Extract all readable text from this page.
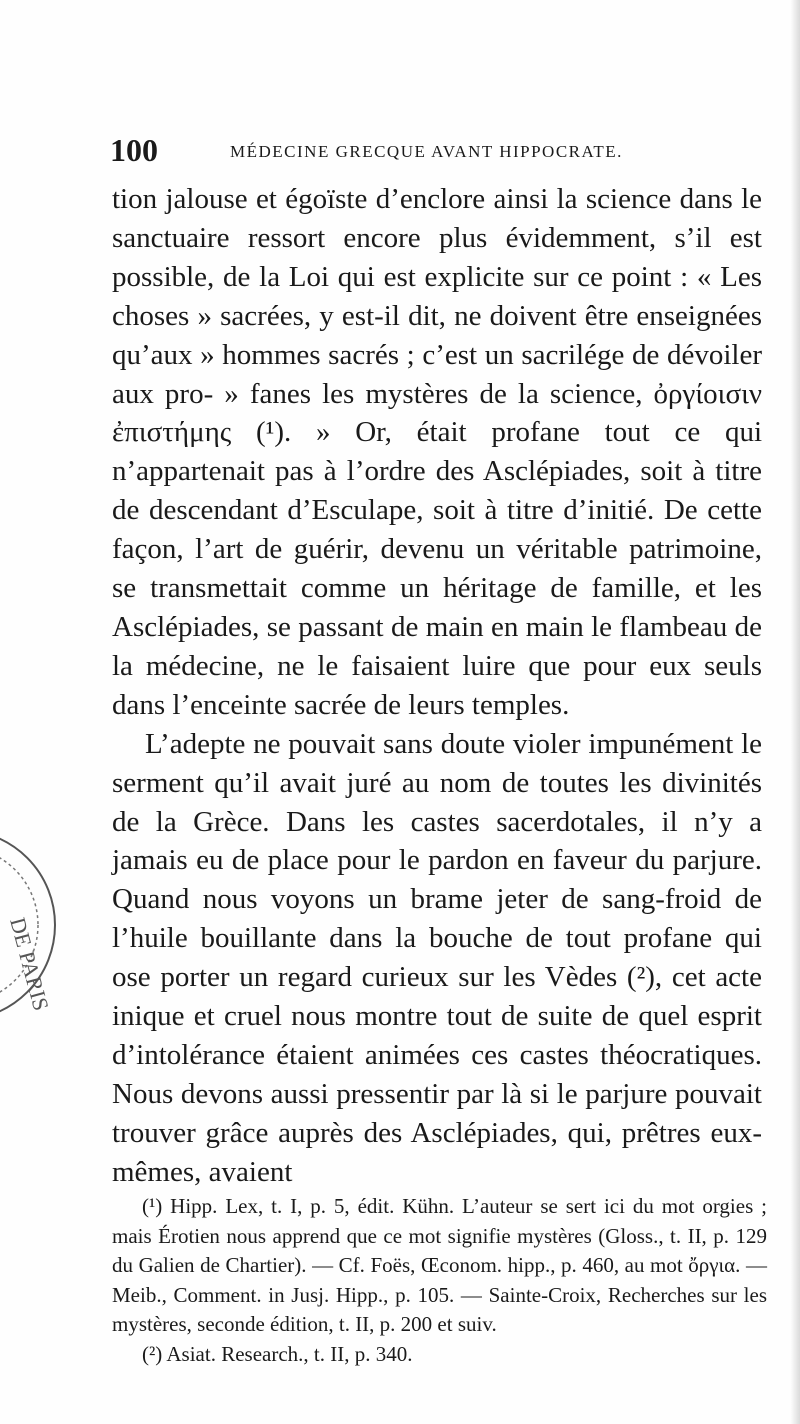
100	MÉDECINE GRECQUE AVANT HIPPOCRATE.

tion jalouse et égoïste d’enclore ainsi la science dans le sanctuaire ressort encore plus évidemment, s’il est possible, de la Loi qui est explicite sur ce point : « Les choses » sacrées, y est-il dit, ne doivent être enseignées qu’aux » hommes sacrés ; c’est un sacrilége de dévoiler aux pro- » fanes les mystères de la science, ὀργίοισιν ἐπιστήμης (¹). » Or, était profane tout ce qui n’appartenait pas à l’ordre des Asclépiades, soit à titre de descendant d’Esculape, soit à titre d’initié. De cette façon, l’art de guérir, devenu un véritable patrimoine, se transmettait comme un héritage de famille, et les Asclépiades, se passant de main en main le flambeau de la médecine, ne le faisaient luire que pour eux seuls dans l’enceinte sacrée de leurs temples.

L’adepte ne pouvait sans doute violer impunément le serment qu’il avait juré au nom de toutes les divinités de la Grèce. Dans les castes sacerdotales, il n’y a jamais eu de place pour le pardon en faveur du parjure. Quand nous voyons un brame jeter de sang-froid de l’huile bouillante dans la bouche de tout profane qui ose porter un regard curieux sur les Vèdes (²), cet acte inique et cruel nous montre tout de suite de quel esprit d’intolérance étaient animées ces castes théocratiques. Nous devons aussi pressentir par là si le parjure pouvait trouver grâce auprès des Asclépiades, qui, prêtres eux-mêmes, avaient

(¹) Hipp. Lex, t. I, p. 5, édit. Kühn. L’auteur se sert ici du mot orgies ; mais Érotien nous apprend que ce mot signifie mystères (Gloss., t. II, p. 129 du Galien de Chartier). — Cf. Foës, Œconom. hipp., p. 460, au mot ὄργια. — Meib., Comment. in Jusj. Hipp., p. 105. — Sainte-Croix, Recherches sur les mystères, seconde édition, t. II, p. 200 et suiv.

(²) Asiat. Research., t. II, p. 340.

DE PARIS
